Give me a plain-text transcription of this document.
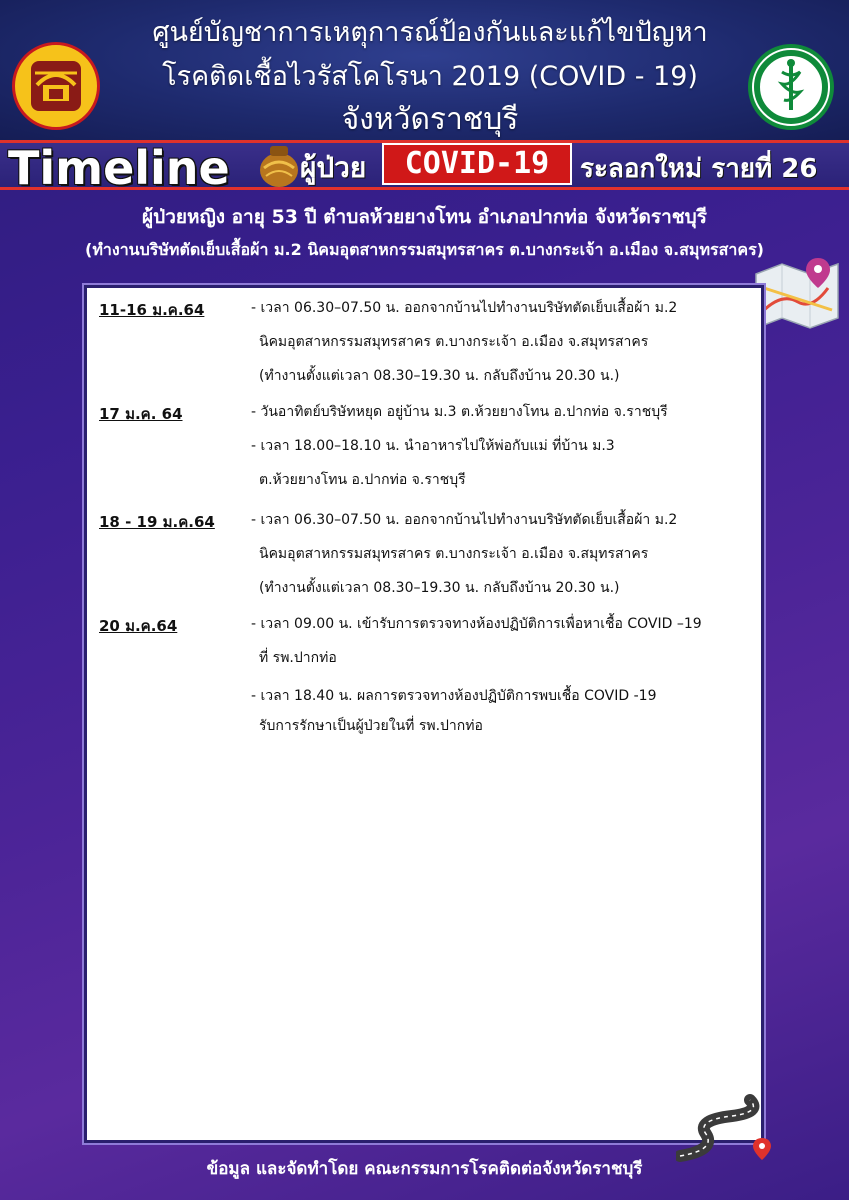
ศูนย์บัญชาการเหตุการณ์ป้องกันและแก้ไขปัญหา
โรคติดเชื้อไวรัสโคโรนา 2019 (COVID - 19)
จังหวัดราชบุรี
Timeline	ผู้ป่วย	COVID-19	ระลอกใหม่ รายที่ 26
ผู้ป่วยหญิง อายุ 53 ปี ตำบลห้วยยางโทน อำเภอปากท่อ จังหวัดราชบุรี
(ทำงานบริษัทตัดเย็บเสื้อผ้า ม.2 นิคมอุตสาหกรรมสมุทรสาคร ต.บางกระเจ้า อ.เมือง จ.สมุทรสาคร)
11-16 ม.ค.64	- เวลา 06.30–07.50 น. ออกจากบ้านไปทำงานบริษัทตัดเย็บเสื้อผ้า ม.2
นิคมอุตสาหกรรมสมุทรสาคร ต.บางกระเจ้า อ.เมือง จ.สมุทรสาคร
(ทำงานตั้งแต่เวลา 08.30–19.30 น. กลับถึงบ้าน 20.30 น.)
17 ม.ค. 64	- วันอาทิตย์บริษัทหยุด อยู่บ้าน ม.3 ต.ห้วยยางโทน อ.ปากท่อ จ.ราชบุรี
- เวลา 18.00–18.10 น. นำอาหารไปให้พ่อกับแม่ ที่บ้าน ม.3
ต.ห้วยยางโทน อ.ปากท่อ จ.ราชบุรี
18 - 19 ม.ค.64	- เวลา 06.30–07.50 น. ออกจากบ้านไปทำงานบริษัทตัดเย็บเสื้อผ้า ม.2
นิคมอุตสาหกรรมสมุทรสาคร ต.บางกระเจ้า อ.เมือง จ.สมุทรสาคร
(ทำงานตั้งแต่เวลา 08.30–19.30 น. กลับถึงบ้าน 20.30 น.)
20 ม.ค.64	- เวลา 09.00 น. เข้ารับการตรวจทางห้องปฏิบัติการเพื่อหาเชื้อ COVID –19
ที่ รพ.ปากท่อ
- เวลา 18.40 น. ผลการตรวจทางห้องปฏิบัติการพบเชื้อ COVID -19
รับการรักษาเป็นผู้ป่วยในที่ รพ.ปากท่อ
ข้อมูล และจัดทำโดย คณะกรรมการโรคติดต่อจังหวัดราชบุรี
